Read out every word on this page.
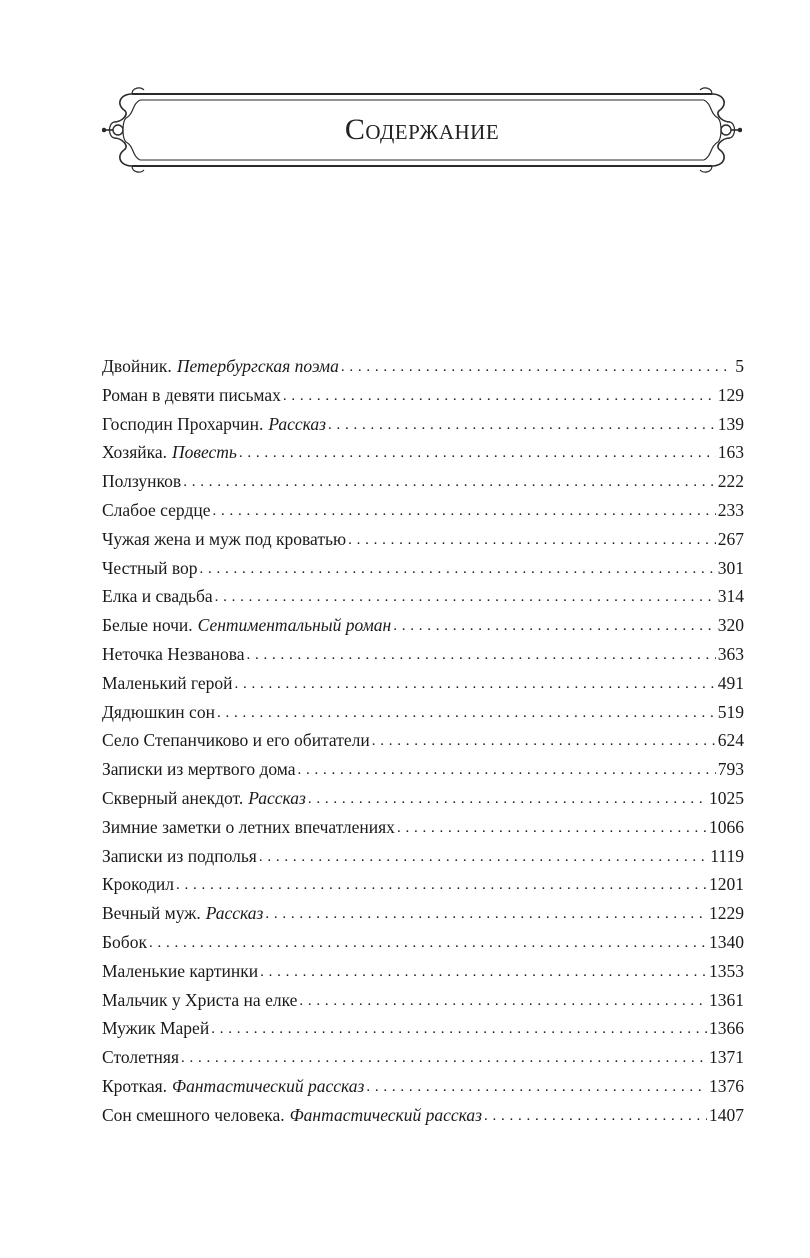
Содержание
Двойник. Петербургская поэма . . .	5
Роман в девяти письмах . . .	129
Господин Прохарчин. Рассказ . . .	139
Хозяйка. Повесть . . .	163
Ползунков . . .	222
Слабое сердце . . .	233
Чужая жена и муж под кроватью . . .	267
Честный вор . . .	301
Елка и свадьба . . .	314
Белые ночи. Сентиментальный роман . . .	320
Неточка Незванова . . .	363
Маленький герой . . .	491
Дядюшкин сон . . .	519
Село Степанчиково и его обитатели . . .	624
Записки из мертвого дома . . .	793
Скверный анекдот. Рассказ . . .	1025
Зимние заметки о летних впечатлениях . . .	1066
Записки из подполья . . .	1119
Крокодил . . .	1201
Вечный муж. Рассказ . . .	1229
Бобок . . .	1340
Маленькие картинки . . .	1353
Мальчик у Христа на елке . . .	1361
Мужик Марей . . .	1366
Столетняя . . .	1371
Кроткая. Фантастический рассказ . . .	1376
Сон смешного человека. Фантастический рассказ . . .	1407
